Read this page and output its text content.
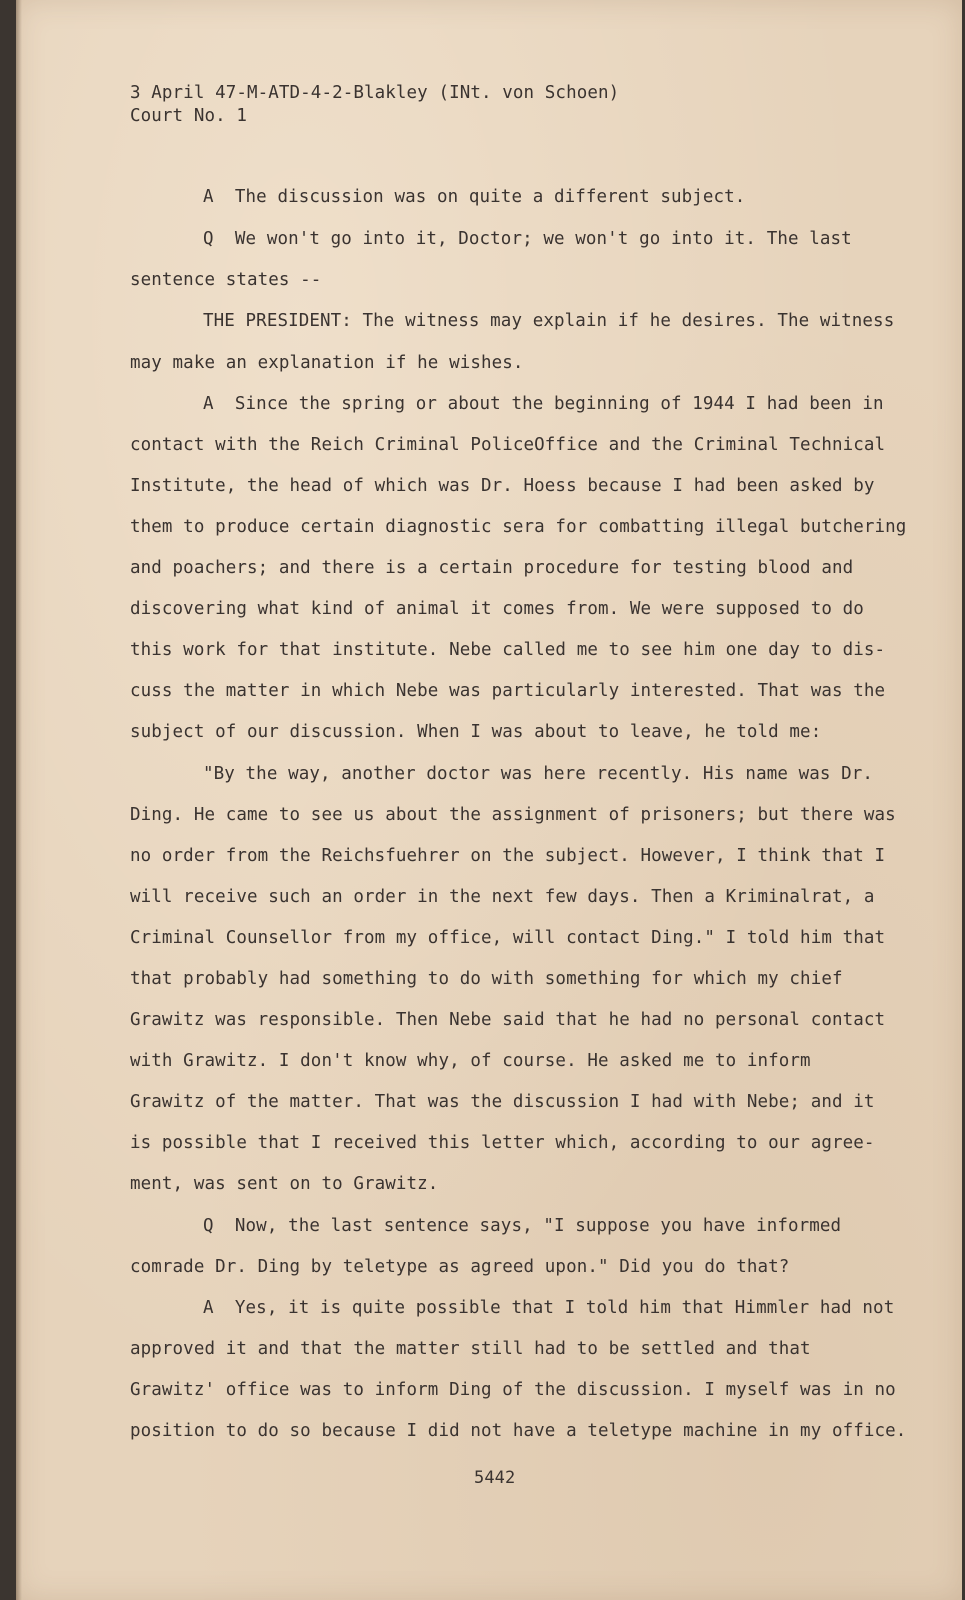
3 April 47-M-ATD-4-2-Blakley (INt. von Schoen)
Court No. 1
A  The discussion was on quite a different subject.
Q  We won't go into it, Doctor; we won't go into it. The last
sentence states --
THE PRESIDENT: The witness may explain if he desires. The witness
may make an explanation if he wishes.
A  Since the spring or about the beginning of 1944 I had been in
contact with the Reich Criminal PoliceOffice and the Criminal Technical
Institute, the head of which was Dr. Hoess because I had been asked by
them to produce certain diagnostic sera for combatting illegal butchering
and poachers; and there is a certain procedure for testing blood and
discovering what kind of animal it comes from. We were supposed to do
this work for that institute. Nebe called me to see him one day to dis-
cuss the matter in which Nebe was particularly interested. That was the
subject of our discussion. When I was about to leave, he told me:
"By the way, another doctor was here recently. His name was Dr.
Ding. He came to see us about the assignment of prisoners; but there was
no order from the Reichsfuehrer on the subject. However, I think that I
will receive such an order in the next few days. Then a Kriminalrat, a
Criminal Counsellor from my office, will contact Ding." I told him that
that probably had something to do with something for which my chief
Grawitz was responsible. Then Nebe said that he had no personal contact
with Grawitz. I don't know why, of course. He asked me to inform
Grawitz of the matter. That was the discussion I had with Nebe; and it
is possible that I received this letter which, according to our agree-
ment, was sent on to Grawitz.
Q  Now, the last sentence says, "I suppose you have informed
comrade Dr. Ding by teletype as agreed upon." Did you do that?
A  Yes, it is quite possible that I told him that Himmler had not
approved it and that the matter still had to be settled and that
Grawitz' office was to inform Ding of the discussion. I myself was in no
position to do so because I did not have a teletype machine in my office.
5442
